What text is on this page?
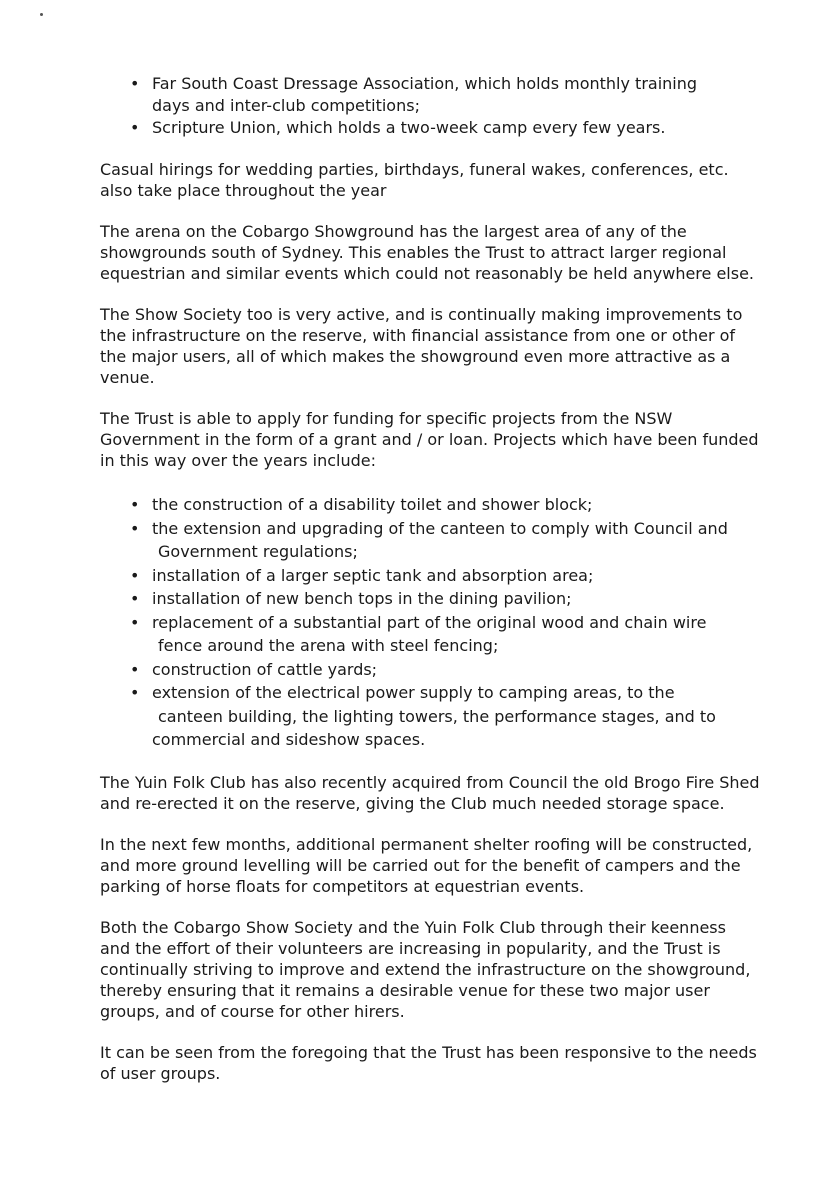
• Far South Coast Dressage Association, which holds monthly training
days and inter-club competitions;
• Scripture Union, which holds a two-week camp every few years.

Casual hirings for wedding parties, birthdays, funeral wakes, conferences, etc. also take place throughout the year

The arena on the Cobargo Showground has the largest area of any of the showgrounds south of Sydney. This enables the Trust to attract larger regional equestrian and similar events which could not reasonably be held anywhere else.

The Show Society too is very active, and is continually making improvements to the infrastructure on the reserve, with financial assistance from one or other of the major users, all of which makes the showground even more attractive as a venue.

The Trust is able to apply for funding for specific projects from the NSW Government in the form of a grant and / or loan. Projects which have been funded in this way over the years include:

• the construction of a disability toilet and shower block;
• the extension and upgrading of the canteen to comply with Council and
Government regulations;
• installation of a larger septic tank and absorption area;
• installation of new bench tops in the dining pavilion;
• replacement of a substantial part of the original wood and chain wire
fence around the arena with steel fencing;
• construction of cattle yards;
• extension of the electrical power supply to camping areas, to the
canteen building, the lighting towers, the performance stages, and to
commercial and sideshow spaces.

The Yuin Folk Club has also recently acquired from Council the old Brogo Fire Shed and re-erected it on the reserve, giving the Club much needed storage space.

In the next few months, additional permanent shelter roofing will be constructed, and more ground levelling will be carried out for the benefit of campers and the parking of horse floats for competitors at equestrian events.

Both the Cobargo Show Society and the Yuin Folk Club through their keenness and the effort of their volunteers are increasing in popularity, and the Trust is continually striving to improve and extend the infrastructure on the showground, thereby ensuring that it remains a desirable venue for these two major user groups, and of course for other hirers.

It can be seen from the foregoing that the Trust has been responsive to the needs of user groups.
